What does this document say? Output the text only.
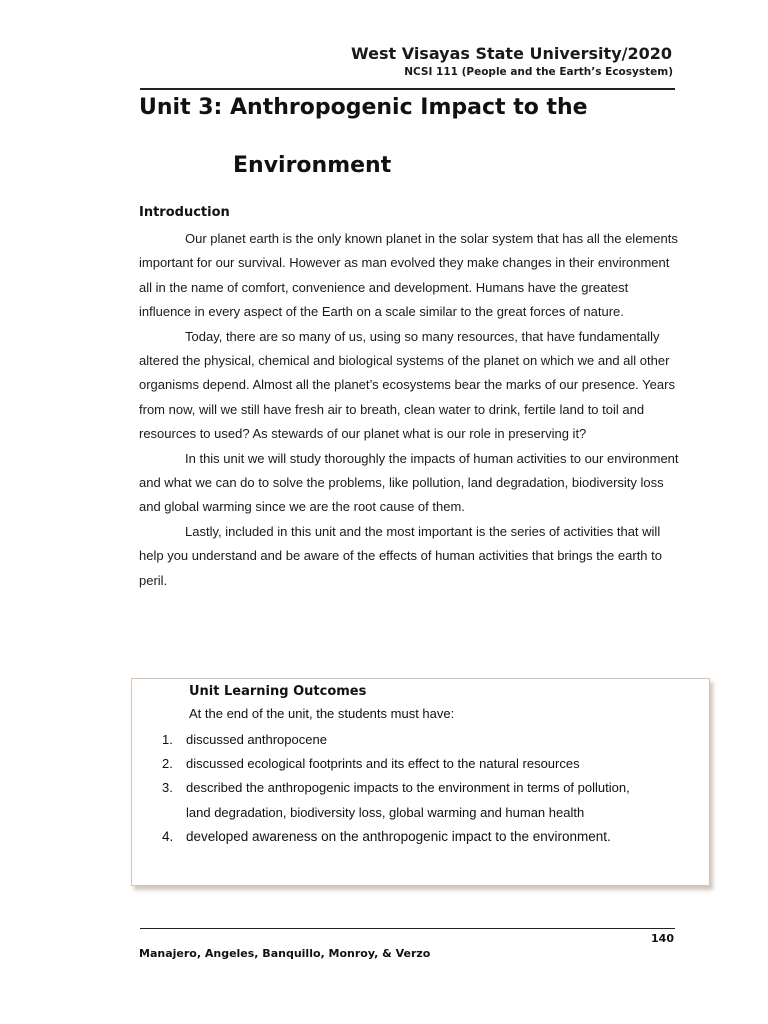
West Visayas State University/2020
NCSI 111 (People and the Earth’s Ecosystem)
Unit 3: Anthropogenic Impact to the
Environment
Introduction

Our planet earth is the only known planet in the solar system that has all the elements important for our survival. However as man evolved they make changes in their environment all in the name of comfort, convenience and development. Humans have the greatest influence in every aspect of the Earth on a scale similar to the great forces of nature.

Today, there are so many of us, using so many resources, that have fundamentally altered the physical, chemical and biological systems of the planet on which we and all other organisms depend. Almost all the planet’s ecosystems bear the marks of our presence. Years from now, will we still have fresh air to breath, clean water to drink, fertile land to toil and resources to used? As stewards of our planet what is our role in preserving it?

In this unit we will study thoroughly the impacts of human activities to our environment and what we can do to solve the problems, like pollution, land degradation, biodiversity loss and global warming since we are the root cause of them.

Lastly, included in this unit and the most important is the series of activities that will help you understand and be aware of the effects of human activities that brings the earth to peril.

Unit Learning Outcomes
At the end of the unit, the students must have:
1. discussed anthropocene
2. discussed ecological footprints and its effect to the natural resources
3. described the anthropogenic impacts to the environment in terms of pollution, land degradation, biodiversity loss, global warming and human health
4. developed awareness on the anthropogenic impact to the environment.
140
Manajero, Angeles, Banquillo, Monroy, & Verzo
